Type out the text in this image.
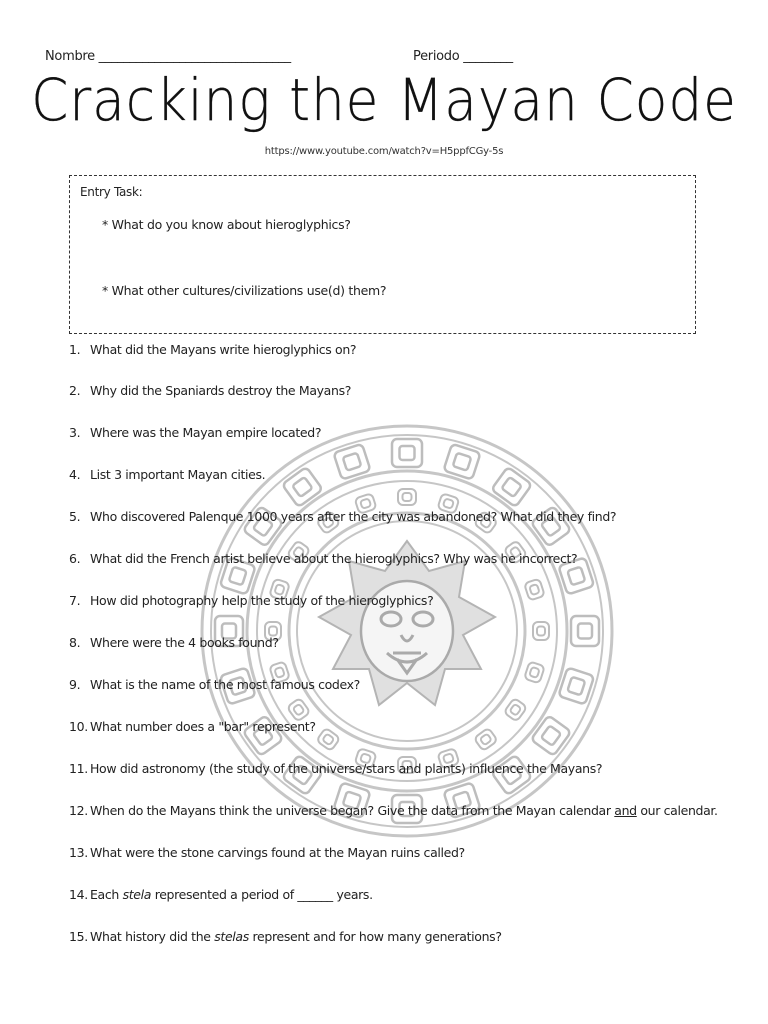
Nombre _______________________________	Periodo ________
Cracking the Mayan Code
https://www.youtube.com/watch?v=H5ppfCGy-5s
Entry Task:
* What do you know about hieroglyphics?
* What other cultures/civilizations use(d) them?
1. What did the Mayans write hieroglyphics on?
2. Why did the Spaniards destroy the Mayans?
3. Where was the Mayan empire located?
4. List 3 important Mayan cities.
5. Who discovered Palenque 1000 years after the city was abandoned? What did they find?
6. What did the French artist believe about the hieroglyphics? Why was he incorrect?
7. How did photography help the study of the hieroglyphics?
8. Where were the 4 books found?
9. What is the name of the most famous codex?
10. What number does a "bar" represent?
11. How did astronomy (the study of the universe/stars and plants) influence the Mayans?
12. When do the Mayans think the universe began? Give the data from the Mayan calendar and our calendar.
13. What were the stone carvings found at the Mayan ruins called?
14. Each stela represented a period of ______ years.
15. What history did the stelas represent and for how many generations?
